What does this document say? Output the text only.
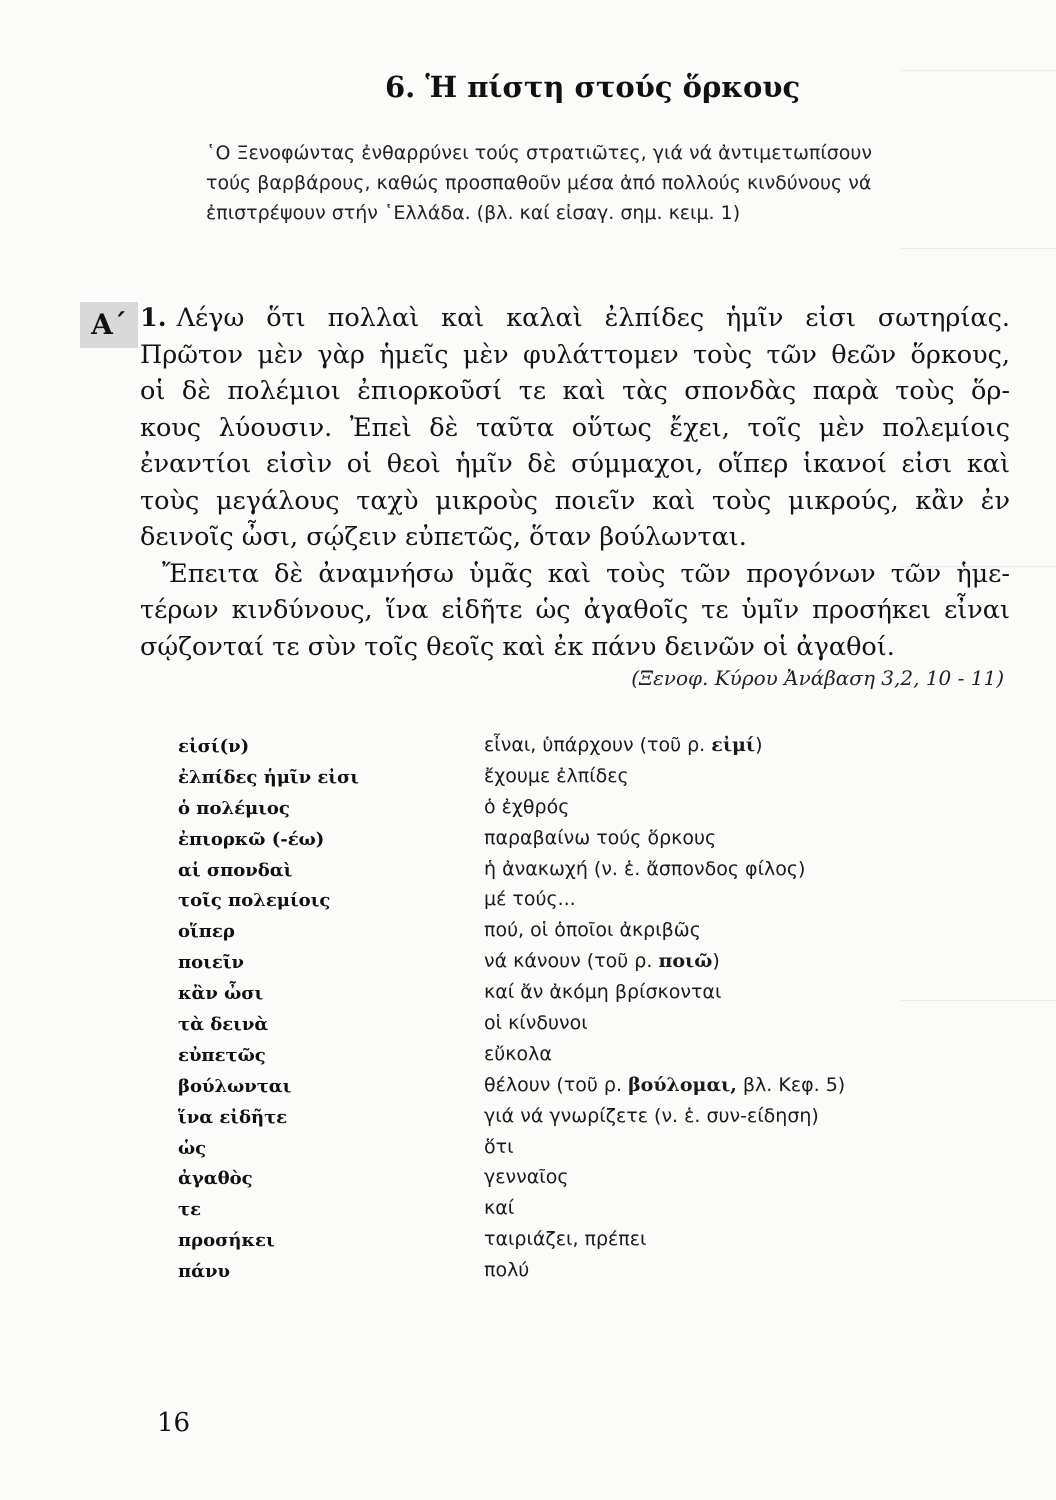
6. Ἡ πίστη στούς ὅρκους
῾Ο Ξενοφώντας ἐνθαρρύνει τούς στρατιῶτες, γιά νά ἀντιμετωπίσουν
τούς βαρβάρους, καθώς προσπαθοῦν μέσα ἀπό πολλούς κινδύνους νά
ἐπιστρέψουν στήν ῾Ελλάδα. (βλ. καί εἰσαγ. σημ. κειμ. 1)
Α΄ 1. Λέγω ὅτι πολλαὶ καὶ καλαὶ ἐλπίδες ἡμῖν εἰσι σωτηρίας.
Πρῶτον μὲν γὰρ ἡμεῖς μὲν φυλάττομεν τοὺς τῶν θεῶν ὅρκους,
οἱ δὲ πολέμιοι ἐπιορκοῦσί τε καὶ τὰς σπονδὰς παρὰ τοὺς ὅρ-
κους λύουσιν. Ἐπεὶ δὲ ταῦτα οὕτως ἔχει, τοῖς μὲν πολεμίοις
ἐναντίοι εἰσὶν οἱ θεοὶ ἡμῖν δὲ σύμμαχοι, οἵπερ ἱκανοί εἰσι καὶ
τοὺς μεγάλους ταχὺ μικροὺς ποιεῖν καὶ τοὺς μικρούς, κἂν ἐν
δεινοῖς ὦσι, σῴζειν εὐπετῶς, ὅταν βούλωνται.
Ἔπειτα δὲ ἀναμνήσω ὑμᾶς καὶ τοὺς τῶν προγόνων τῶν ἡμε-
τέρων κινδύνους, ἵνα εἰδῆτε ὡς ἀγαθοῖς τε ὑμῖν προσήκει εἶναι
σῴζονταί τε σὺν τοῖς θεοῖς καὶ ἐκ πάνυ δεινῶν οἱ ἀγαθοί.
(Ξενοφ. Κύρου Ἀνάβαση 3,2, 10 - 11)
εἰσί(ν)	εἶναι, ὑπάρχουν (τοῦ ρ. εἰμί)
ἐλπίδες ἡμῖν εἰσι	ἔχουμε ἐλπίδες
ὁ πολέμιος	ὁ ἐχθρός
ἐπιορκῶ (-έω)	παραβαίνω τούς ὅρκους
αἱ σπονδαὶ	ἡ ἀνακωχή (ν. ἑ. ἄσπονδος φίλος)
τοῖς πολεμίοις	μέ τούς...
οἵπερ	πού, οἱ ὁποῖοι ἀκριβῶς
ποιεῖν	νά κάνουν (τοῦ ρ. ποιῶ)
κἂν ὦσι	καί ἄν ἀκόμη βρίσκονται
τὰ δεινὰ	οἱ κίνδυνοι
εὐπετῶς	εὔκολα
βούλωνται	θέλουν (τοῦ ρ. βούλομαι, βλ. Κεφ. 5)
ἵνα εἰδῆτε	γιά νά γνωρίζετε (ν. ἑ. συν-είδηση)
ὡς	ὅτι
ἀγαθὸς	γενναῖος
τε	καί
προσήκει	ταιριάζει, πρέπει
πάνυ	πολύ
16
